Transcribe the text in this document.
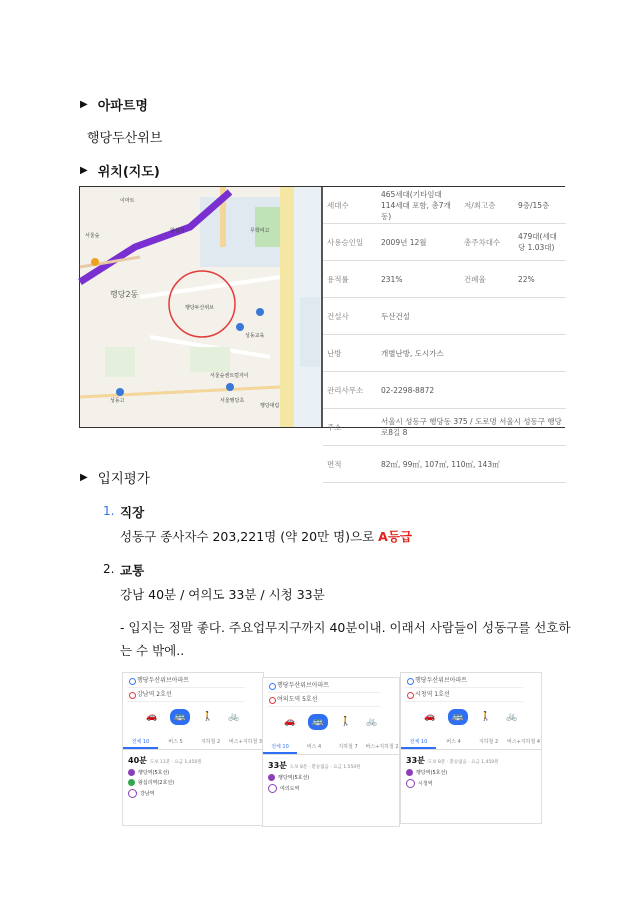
▶ 아파트명
행당두산위브
▶ 위치(지도)
행당2동
행당두산위브
성동교육
서울숲센트럴자이
이마트
서울숲
왕십리	무학여고
서울행당초
성동고
행당대림
세대수	465세대(기타임대 114세대 포함, 총7개동)	저/최고층	9층/15층
사용승인일	2009년 12월	총주차대수	479대(세대당 1.03대)
용적률	231%	건폐율	22%
건설사	두산건설		
난방	개별난방, 도시가스		
관리사무소	02-2298-8872		
주소	서울시 성동구 행당동 375 / 도로명 서울시 성동구 행당로8길 8		
면적	82㎡, 99㎡, 107㎡, 110㎡, 143㎡		
▶ 입지평가
1. 직장
성동구 종사자수 203,221명 (약 20만 명)으로 A등급
2. 교통
강남 40분 / 여의도 33분 / 시청 33분
- 입지는 정말 좋다. 주요업무지구까지 40분이내. 이래서 사람들이 성동구를 선호하
는 수 밖에..
행당두산위브아파트
강남역 2호선
🚗	🚌	🚶 🚲
전체 10	버스 5	지하철 2	버스+지하철 3
40분 도보 11분 · 요금 1,450원
행당역(5호선)
왕십리역(2호선)
강남역
행당두산위브아파트
여의도역 5호선
🚗	🚌	🚶 🚲
전체 10	버스 4	지하철 7	버스+지하철 2
33분 도보 8분 · 환승없음 · 요금 1,550원
행당역(5호선)
여의도역
행당두산위브아파트
시청역 1호선
🚗	🚌	🚶 🚲
전체 10	버스 4	지하철 2	버스+지하철 4
33분 도보 8분 · 환승없음 · 요금 1,450원
행당역(5호선)
시청역
